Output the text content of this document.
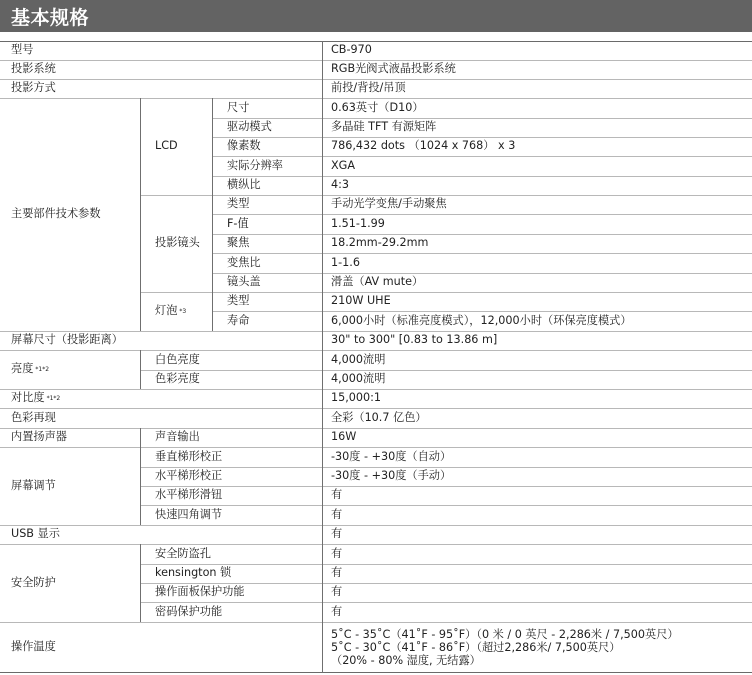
基本规格
型号	CB-970
投影系统	RGB光阀式液晶投影系统
投影方式	前投/背投/吊顶
主要部件技术参数
LCD
尺寸	0.63英寸（D10）
驱动模式	多晶硅 TFT 有源矩阵
像素数	786,432 dots （1024 x 768） x 3
实际分辨率	XGA
横纵比	4:3
投影镜头
类型	手动光学变焦/手动聚焦
F-值	1.51-1.99
聚焦	18.2mm-29.2mm
变焦比	1-1.6
镜头盖	滑盖（AV mute）
灯泡 *3
类型	210W UHE
寿命	6,000小时（标准亮度模式），12,000小时（环保亮度模式）
屏幕尺寸（投影距离）	30" to 300" [0.83 to 13.86 m]
亮度 *1*2
白色亮度	4,000流明
色彩亮度	4,000流明
对比度 *1*2	15,000:1
色彩再现	全彩（10.7 亿色）
内置扬声器	声音输出	16W
屏幕调节
垂直梯形校正	-30度 - +30度（自动）
水平梯形校正	-30度 - +30度（手动）
水平梯形滑钮	有
快速四角调节	有
USB 显示	有
安全防护
安全防盗孔	有
kensington 锁	有
操作面板保护功能	有
密码保护功能	有
操作温度
5˚C - 35˚C（41˚F - 95˚F）（0 米 / 0 英尺 - 2,286米 / 7,500英尺）
5˚C - 30˚C（41˚F - 86˚F）（超过2,286米/ 7,500英尺）
（20% - 80% 湿度, 无结露）
